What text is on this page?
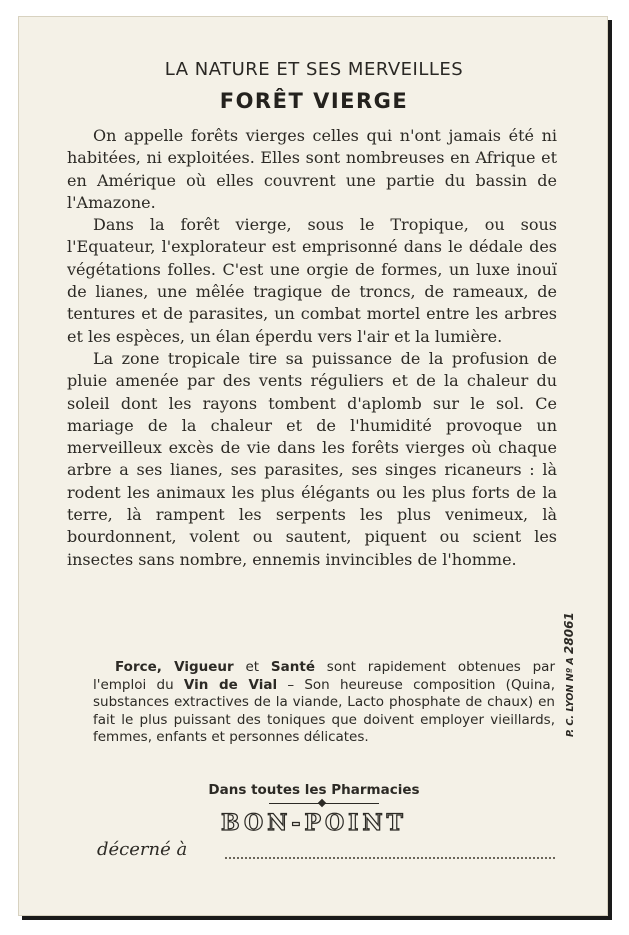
LA NATURE ET SES MERVEILLES
FORÊT VIERGE

On appelle forêts vierges celles qui n'ont jamais été ni habitées, ni exploitées. Elles sont nombreuses en Afrique et en Amérique où elles couvrent une partie du bassin de l'Amazone.

Dans la forêt vierge, sous le Tropique, ou sous l'Equateur, l'explorateur est emprisonné dans le dédale des végétations folles. C'est une orgie de formes, un luxe inouï de lianes, une mêlée tragique de troncs, de rameaux, de tentures et de parasites, un combat mortel entre les arbres et les espèces, un élan éperdu vers l'air et la lumière.

La zone tropicale tire sa puissance de la profusion de pluie amenée par des vents réguliers et de la chaleur du soleil dont les rayons tombent d'aplomb sur le sol. Ce mariage de la chaleur et de l'humidité provoque un merveilleux excès de vie dans les forêts vierges où chaque arbre a ses lianes, ses parasites, ses singes ricaneurs : là rodent les animaux les plus élégants ou les plus forts de la terre, là rampent les serpents les plus venimeux, là bourdonnent, volent ou sautent, piquent ou scient les insectes sans nombre, ennemis invincibles de l'homme.

Force, Vigueur et Santé sont rapidement obtenues par l'emploi du Vin de Vial – Son heureuse composition (Quina, substances extractives de la viande, Lacto phosphate de chaux) en fait le plus puissant des toniques que doivent employer vieillards, femmes, enfants et personnes délicates.

Dans toutes les Pharmacies
BON-POINT
décerné à
P. C. LYON Nº A 28061
